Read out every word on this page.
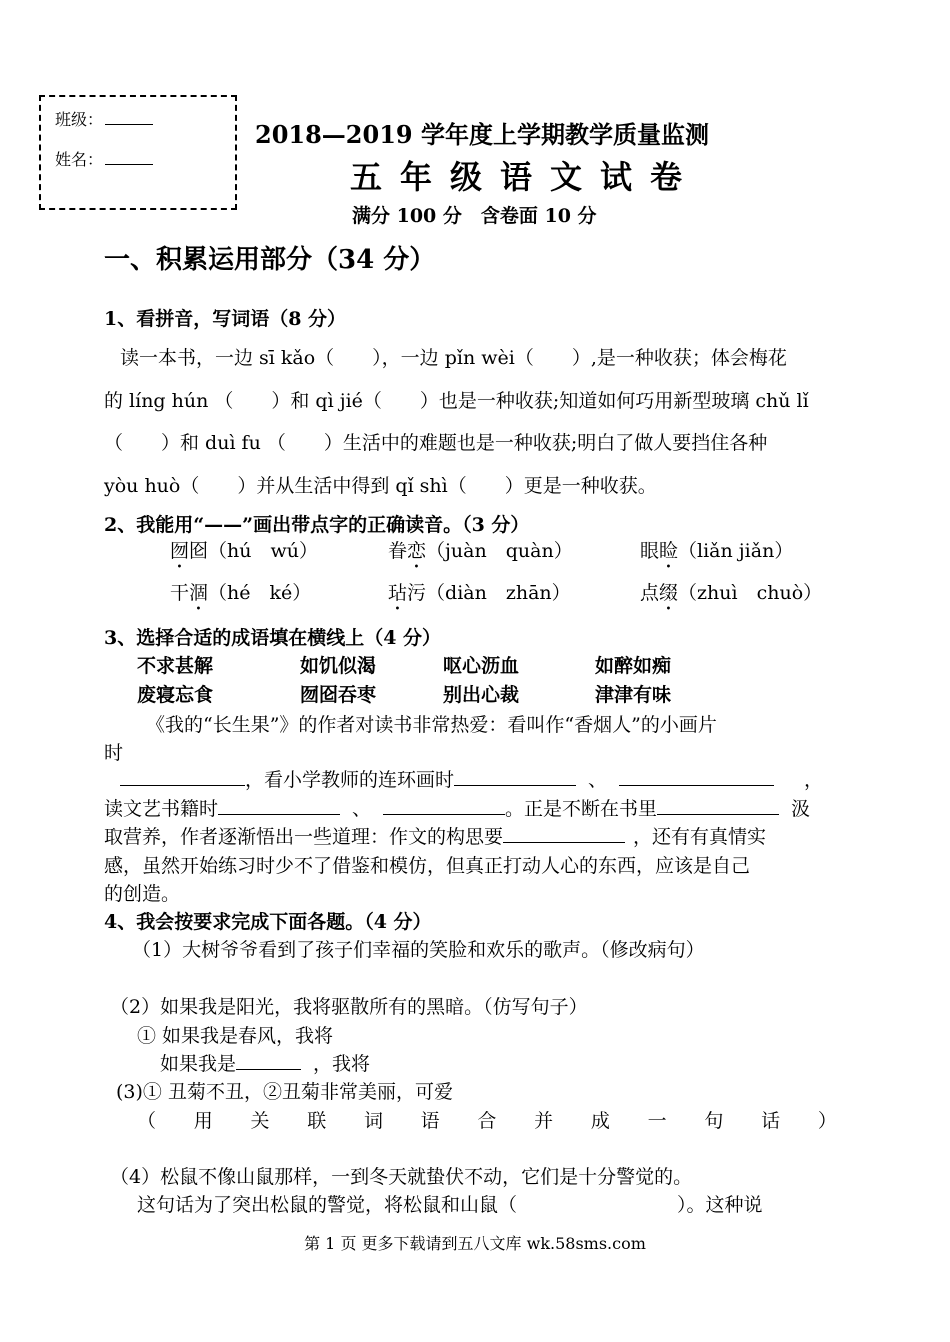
班级：
姓名：
2018—2019 学年度上学期教学质量监测
五年级语文试卷
满分 100 分　含卷面 10 分
一、积累运用部分（34 分）
1、看拼音，写词语（8 分）
读一本书，一边 sī kǎo（　　），一边 pǐn wèi（　　）,是一种收获；体会梅花
的 líng hún （　　）和 qì jié（　　）也是一种收获;知道如何巧用新型玻璃 chǔ lǐ
（　　）和 duì fu （　　）生活中的难题也是一种收获;明白了做人要挡住各种
yòu huò（　　）并从生活中得到 qǐ shì（　　）更是一种收获。
2、我能用“——”画出带点字的正确读音。（3 分）
囫囵（hú　wú）	眷恋（juàn　quàn）	眼睑（liǎn jiǎn）
干涸（hé　ké）	玷污（diàn　zhān）	点缀（zhuì　chuò）
3、选择合适的成语填在横线上（4 分）
不求甚解	如饥似渴	呕心沥血	如醉如痴
废寝忘食	囫囵吞枣	别出心裁	津津有味
《我的“长生果”》的作者对读书非常热爱：看叫作“香烟人”的小画片
时
，看小学教师的连环画时	、	，
读文艺书籍时	、	。正是不断在书里	汲
取营养，作者逐渐悟出一些道理：作文的构思要	，还有有真情实
感，虽然开始练习时少不了借鉴和模仿，但真正打动人心的东西，应该是自己
的创造。
4、我会按要求完成下面各题。（4 分）
（1）大树爷爷看到了孩子们幸福的笑脸和欢乐的歌声。（修改病句）
（2）如果我是阳光，我将驱散所有的黑暗。（仿写句子）
① 如果我是春风，我将
如果我是	，我将
(3)① 丑菊不丑，②丑菊非常美丽，可爱
（ 用 关 联 词 语 合 并 成 一 句 话 ）
（4）松鼠不像山鼠那样，一到冬天就蛰伏不动，它们是十分警觉的。
这句话为了突出松鼠的警觉，将松鼠和山鼠（	）。这种说
第 1 页 更多下载请到五八文库 wk.58sms.com
